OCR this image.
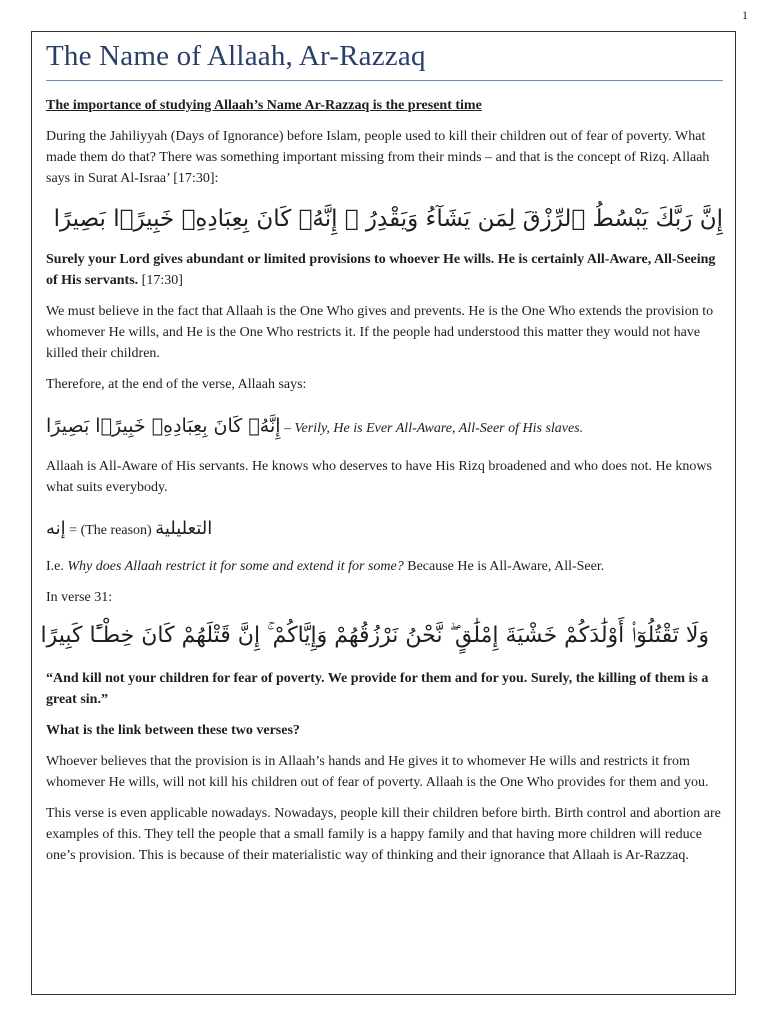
1
The Name of Allaah, Ar-Razzaq

The importance of studying Allaah’s Name Ar-Razzaq is the present time

During the Jahiliyyah (Days of Ignorance) before Islam, people used to kill their children out of fear of poverty. What made them do that? There was something important missing from their minds – and that is the concept of Rizq. Allaah says in Surat Al-Israa’ [17:30]:

إِنَّ رَبَّكَ يَبْسُطُ ٱلرِّزْقَ لِمَن يَشَآءُ وَيَقْدِرُ ۚ إِنَّهُۥ كَانَ بِعِبَادِهِۦ خَبِيرًۢا بَصِيرًا

Surely your Lord gives abundant or limited provisions to whoever He wills. He is certainly All-Aware, All-Seeing of His servants. [17:30]

We must believe in the fact that Allaah is the One Who gives and prevents. He is the One Who extends the provision to whomever He wills, and He is the One Who restricts it. If the people had understood this matter they would not have killed their children.

Therefore, at the end of the verse, Allaah says:

إِنَّهُۥ كَانَ بِعِبَادِهِۦ خَبِيرًۢا بَصِيرًا – Verily, He is Ever All-Aware, All-Seer of His slaves.

Allaah is All-Aware of His servants. He knows who deserves to have His Rizq broadened and who does not. He knows what suits everybody.

إنه = (The reason) التعليلية

I.e. Why does Allaah restrict it for some and extend it for some? Because He is All-Aware, All-Seer.

In verse 31:

وَلَا تَقْتُلُوٓا۟ أَوْلَٰدَكُمْ خَشْيَةَ إِمْلَٰقٍ ۖ نَّحْنُ نَرْزُقُهُمْ وَإِيَّاكُمْ ۚ إِنَّ قَتْلَهُمْ كَانَ خِطْـًٔا كَبِيرًا

“And kill not your children for fear of poverty. We provide for them and for you. Surely, the killing of them is a great sin.”

What is the link between these two verses?

Whoever believes that the provision is in Allaah’s hands and He gives it to whomever He wills and restricts it from whomever He wills, will not kill his children out of fear of poverty. Allaah is the One Who provides for them and you.

This verse is even applicable nowadays. Nowadays, people kill their children before birth. Birth control and abortion are examples of this. They tell the people that a small family is a happy family and that having more children will reduce one’s provision. This is because of their materialistic way of thinking and their ignorance that Allaah is Ar-Razzaq.
